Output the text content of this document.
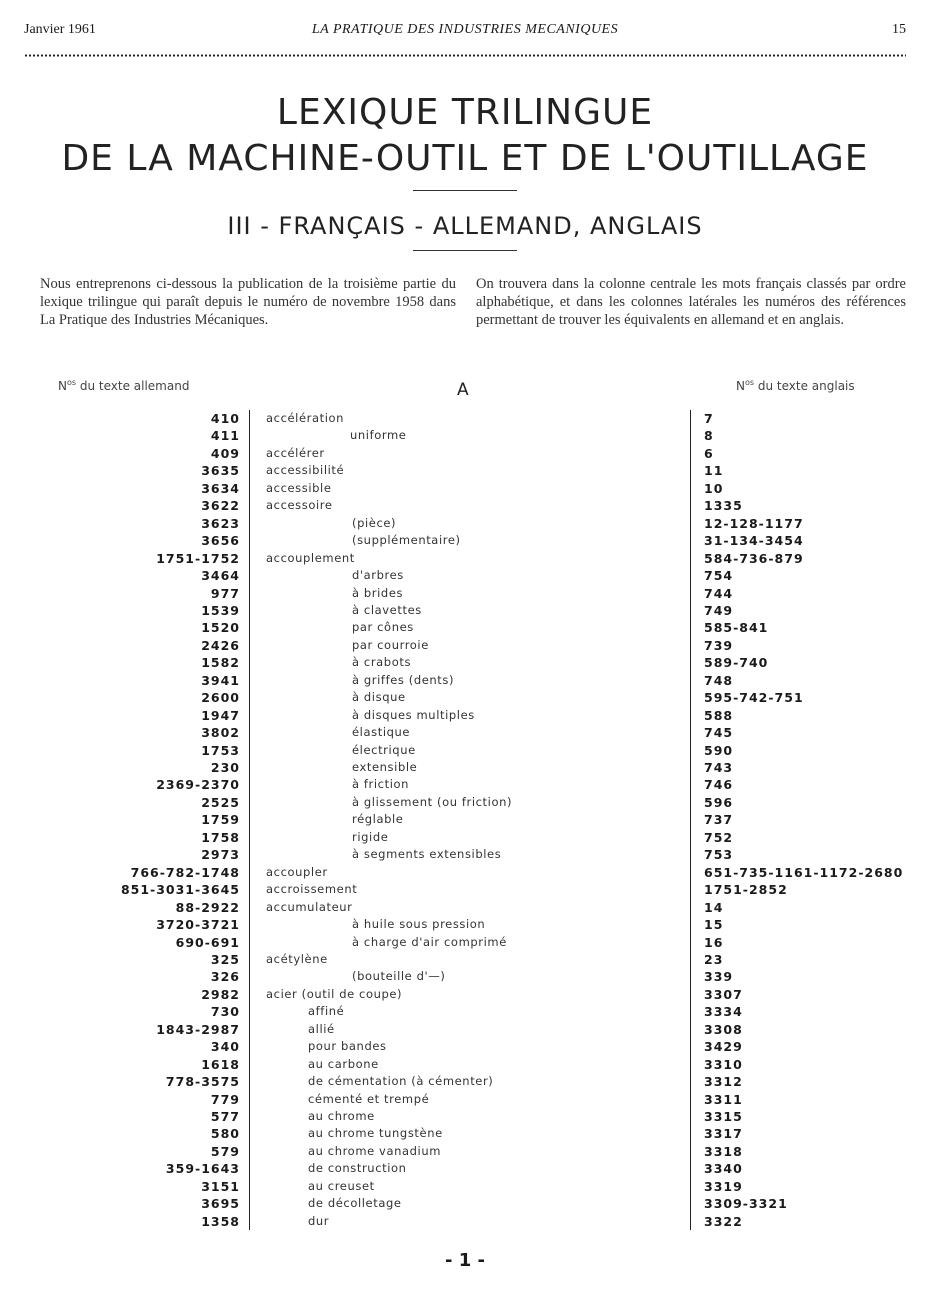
Janvier 1961	LA PRATIQUE DES INDUSTRIES MECANIQUES	15
LEXIQUE TRILINGUE
DE LA MACHINE-OUTIL ET DE L'OUTILLAGE
III - FRANÇAIS - ALLEMAND, ANGLAIS
Nous entreprenons ci-dessous la publication de la troisième partie du lexique trilingue qui paraît depuis le numéro de novembre 1958 dans La Pratique des Industries Mécaniques.
On trouvera dans la colonne centrale les mots français classés par ordre alphabétique, et dans les colonnes latérales les numéros des références permettant de trouver les équivalents en allemand et en anglais.
$N^{os}$ du texte allemand	A	$N^{os}$ du texte anglais
410 accélération	7
411	uniforme	8
409 accélérer	6
3635 accessibilité	11
3634 accessible	10
3622 accessoire	1335
3623	(pièce)	12-128-1177
3656	(supplémentaire)	31-134-3454
1751-1752 accouplement	584-736-879
3464	d'arbres	754
977	à brides	744
1539	à clavettes	749
1520	par cônes	585-841
2426	par courroie	739
1582	à crabots	589-740
3941	à griffes (dents)	748
2600	à disque	595-742-751
1947	à disques multiples	588
3802	élastique	745
1753	électrique	590
230	extensible	743
2369-2370	à friction	746
2525	à glissement (ou friction)	596
1759	réglable	737
1758	rigide	752
2973	à segments extensibles	753
766-782-1748 accoupler	651-735-1161-1172-2680
851-3031-3645 accroissement	1751-2852
88-2922 accumulateur	14
3720-3721	à huile sous pression	15
690-691	à charge d'air comprimé	16
325 acétylène	23
326	(bouteille d'—)	339
2982 acier (outil de coupe)	3307
730	affiné	3334
1843-2987	allié	3308
340	pour bandes	3429
1618	au carbone	3310
778-3575	de cémentation (à cémenter)	3312
779	cémenté et trempé	3311
577	au chrome	3315
580	au chrome tungstène	3317
579	au chrome vanadium	3318
359-1643	de construction	3340
3151	au creuset	3319
3695	de décolletage	3309-3321
1358	dur	3322
- 1 -
